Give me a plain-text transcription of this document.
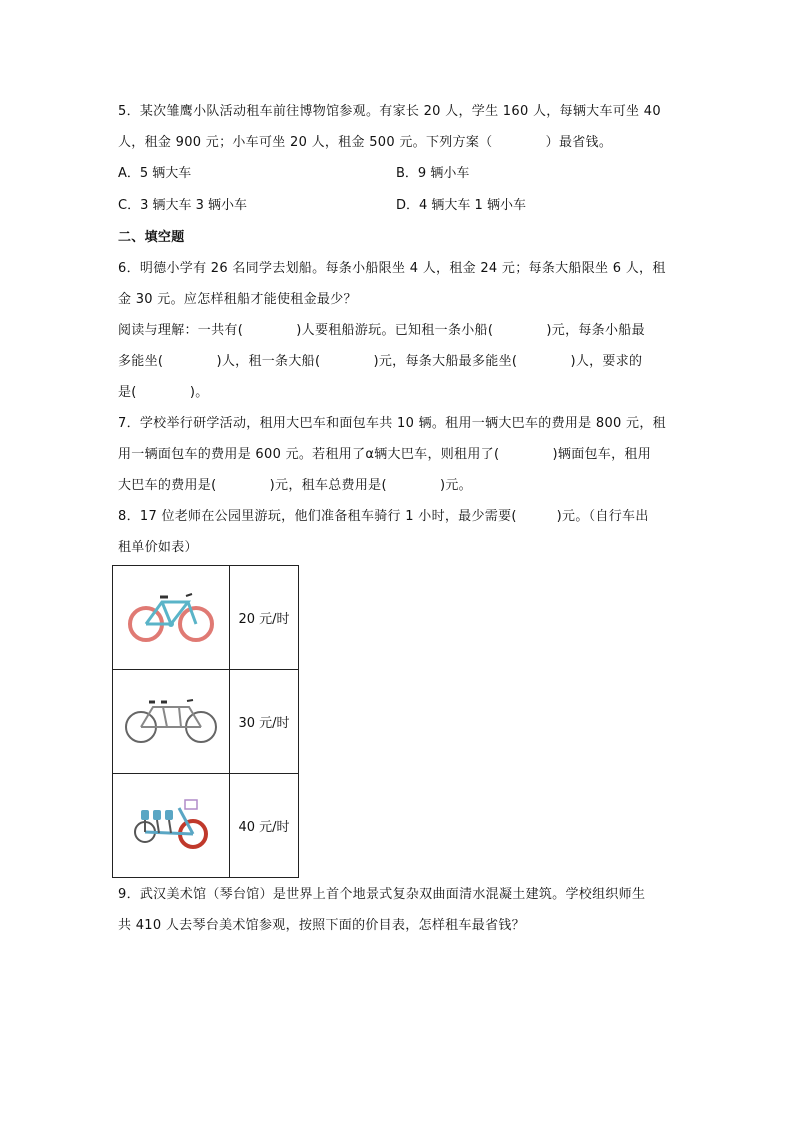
5．某次雏鹰小队活动租车前往博物馆参观。有家长 20 人，学生 160 人，每辆大车可坐 40
人，租金 900 元；小车可坐 20 人，租金 500 元。下列方案（　　　　）最省钱。
A．5 辆大车	B．9 辆小车
C．3 辆大车 3 辆小车	D．4 辆大车 1 辆小车
二、填空题
6．明德小学有 26 名同学去划船。每条小船限坐 4 人，租金 24 元；每条大船限坐 6 人，租
金 30 元。应怎样租船才能使租金最少？
阅读与理解：一共有(　　　　)人要租船游玩。已知租一条小船(　　　　)元，每条小船最
多能坐(　　　　)人，租一条大船(　　　　)元，每条大船最多能坐(　　　　)人，要求的
是(　　　　)。
7．学校举行研学活动，租用大巴车和面包车共 10 辆。租用一辆大巴车的费用是 800 元，租
用一辆面包车的费用是 600 元。若租用了α辆大巴车，则租用了(　　　　)辆面包车，租用
大巴车的费用是(　　　　)元，租车总费用是(　　　　)元。
8．17 位老师在公园里游玩，他们准备租车骑行 1 小时，最少需要(　　　)元。（自行车出
租单价如表）
	20 元/时
	30 元/时
	40 元/时
9．武汉美术馆（琴台馆）是世界上首个地景式复杂双曲面清水混凝土建筑。学校组织师生
共 410 人去琴台美术馆参观，按照下面的价目表，怎样租车最省钱？
